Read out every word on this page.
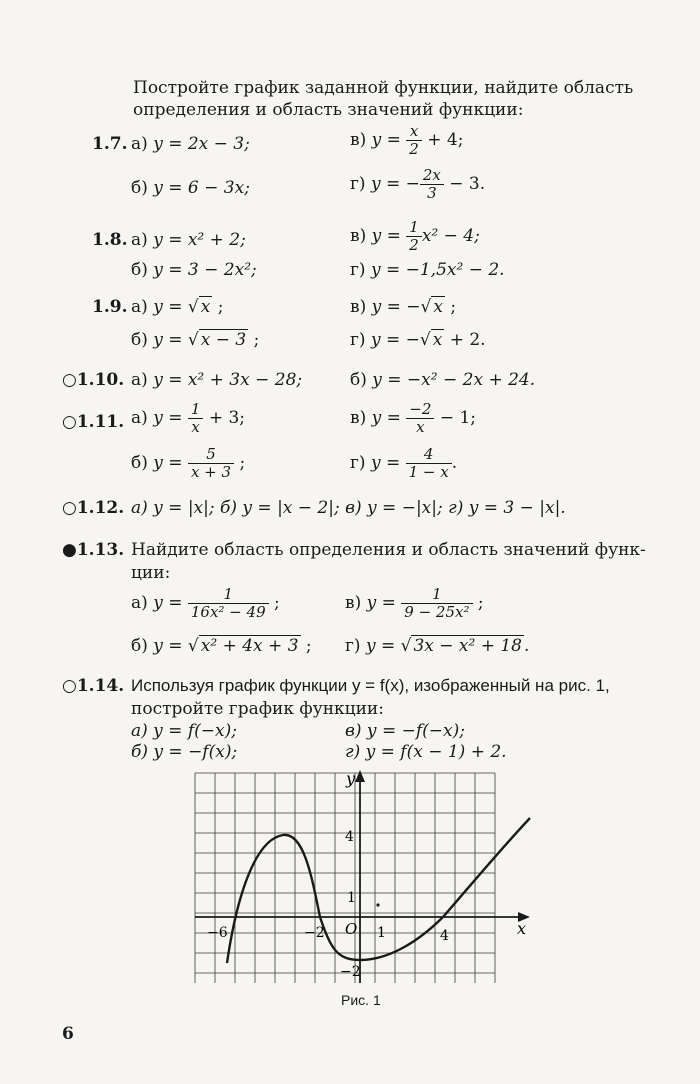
Постройте график заданной функции, найдите область
определения и область значений функции:
1.7. а) y = 2x − 3;	в) $y = \frac{x}{2} + 4$;
б) y = 6 − 3x;	г) y = − $\frac{2x}{3} - 3$.
1.8. а) y = x² + 2;	в) $y = \frac{1}{2} x^2 - 4$;
б) y = 3 − 2x²;	г) y = −1,5x² − 2.
1.9. а) y = √ x ;	в) y = −√ x ;
б) y = √ x − 3 ;	г) y = −√ x + 2.
○1.10. а) y = x² + 3x − 28;	б) y = −x² − 2x + 24.
○1.11. а) $y = \frac{1}{x} + 3$;	в) $y = \frac{-2}{x} - 1$;
б) $y = \frac{5}{x + 3}$ ;	г) $y = \frac{4}{1 - x}$ .
○1.12. а) y = |x|; б) y = |x − 2|; в) y = −|x|; г) y = 3 − |x|.
●1.13. Найдите область определения и область значений функ-
ции:
а) $y = \frac{1}{\text{16x² − 49}}$ ;	в) $y = \frac{1}{\text{9 − 25x²}}$ ;
б) y = √ x² + 4x + 3 ; г) y = √ 3x − x² + 18 .
○1.14. Используя график функции y = f(x), изображенный на рис. 1,
постройте график функции:
а) y = f(−x);	в) y = −f(−x);
б) y = −f(x);	г) y = f(x − 1) + 2.
y
x
O
4
1
−2
−6	−2	1	4
Рис. 1
6
